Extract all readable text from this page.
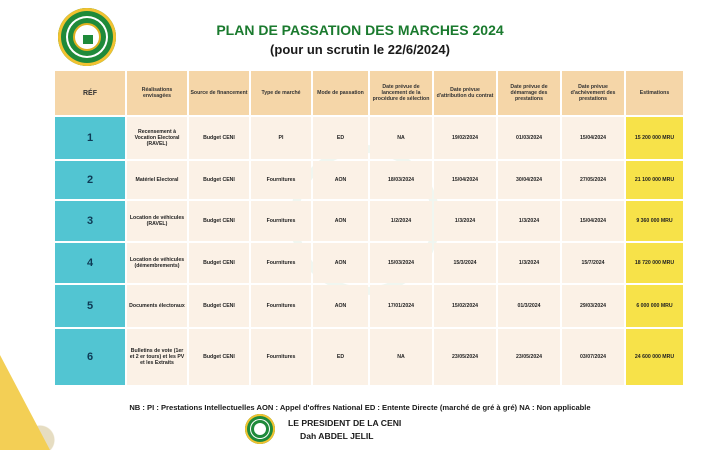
PLAN DE PASSATION DES MARCHES 2024
(pour un scrutin le 22/6/2024)
RÉF	Réalisations envisagées	Source de financement	Type de marché	Mode de passation	Date prévue de lancement de la procédure de sélection	Date prévue d'attribution du contrat	Date prévue de démarrage des prestations	Date prévue d'achèvement des prestations	Estimations
1	Recensement à Vocation Electoral (RAVEL)	Budget CENI	PI	ED	NA	19/02/2024	01/03/2024	15/04/2024	15 200 000 MRU
2	Matériel Electoral	Budget CENI	Fournitures	AON	18/03/2024	15/04/2024	30/04/2024	27/05/2024	21 100 000 MRU
3	Location de véhicules (RAVEL)	Budget CENI	Fournitures	AON	1/2/2024	1/3/2024	1/3/2024	15/04/2024	9 360 000 MRU
4	Location de véhicules (démembrements)	Budget CENI	Fournitures	AON	15/03/2024	15/3/2024	1/3/2024	15/7/2024	18 720 000 MRU
5	Documents électoraux	Budget CENI	Fournitures	AON	17/01/2024	15/02/2024	01/3/2024	29/03/2024	6 000 000 MRU
6	Bulletins de vote (1er et 2 er tours) et les PV et les Extraits	Budget CENI	Fournitures	ED	NA	23/05/2024	23/05/2024	03/07/2024	24 600 000 MRU
NB : PI : Prestations Intellectuelles AON : Appel d'offres National ED : Entente Directe (marché de gré à gré) NA : Non applicable
LE PRESIDENT DE LA CENI
Dah ABDEL JELIL
